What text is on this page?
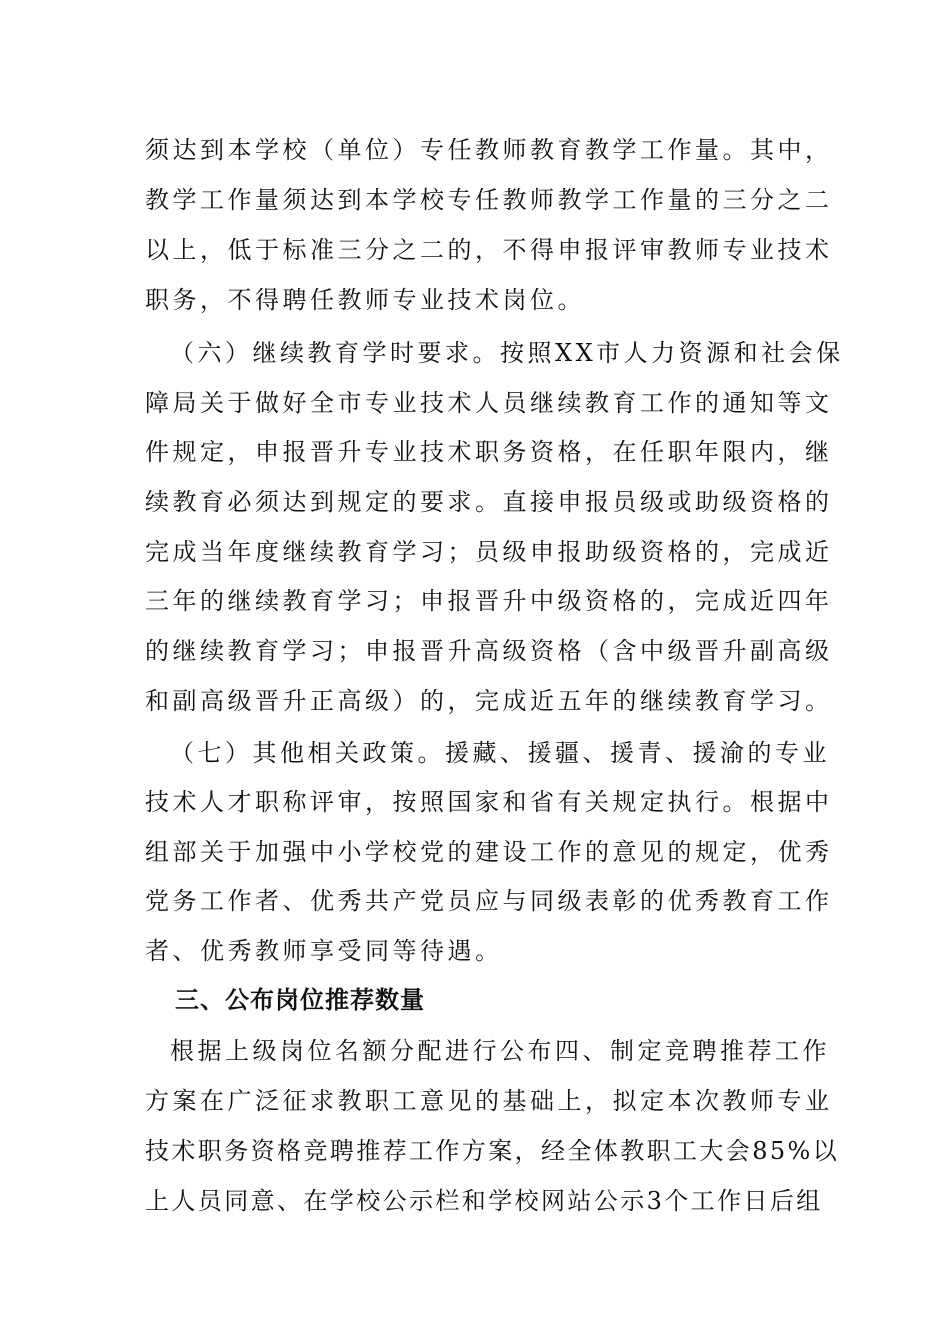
须达到本学校（单位）专任教师教育教学工作量。其中，
教学工作量须达到本学校专任教师教学工作量的三分之二
以上，低于标准三分之二的，不得申报评审教师专业技术
职务，不得聘任教师专业技术岗位。
（六）继续教育学时要求。按照XX市人力资源和社会保
障局关于做好全市专业技术人员继续教育工作的通知等文
件规定，申报晋升专业技术职务资格，在任职年限内，继
续教育必须达到规定的要求。直接申报员级或助级资格的
完成当年度继续教育学习；员级申报助级资格的，完成近
三年的继续教育学习；申报晋升中级资格的，完成近四年
的继续教育学习；申报晋升高级资格（含中级晋升副高级
和副高级晋升正高级）的，完成近五年的继续教育学习。
（七）其他相关政策。援藏、援疆、援青、援渝的专业
技术人才职称评审，按照国家和省有关规定执行。根据中
组部关于加强中小学校党的建设工作的意见的规定，优秀
党务工作者、优秀共产党员应与同级表彰的优秀教育工作
者、优秀教师享受同等待遇。
三、公布岗位推荐数量
根据上级岗位名额分配进行公布四、制定竞聘推荐工作
方案在广泛征求教职工意见的基础上，拟定本次教师专业
技术职务资格竞聘推荐工作方案，经全体教职工大会85%以
上人员同意、在学校公示栏和学校网站公示3个工作日后组
